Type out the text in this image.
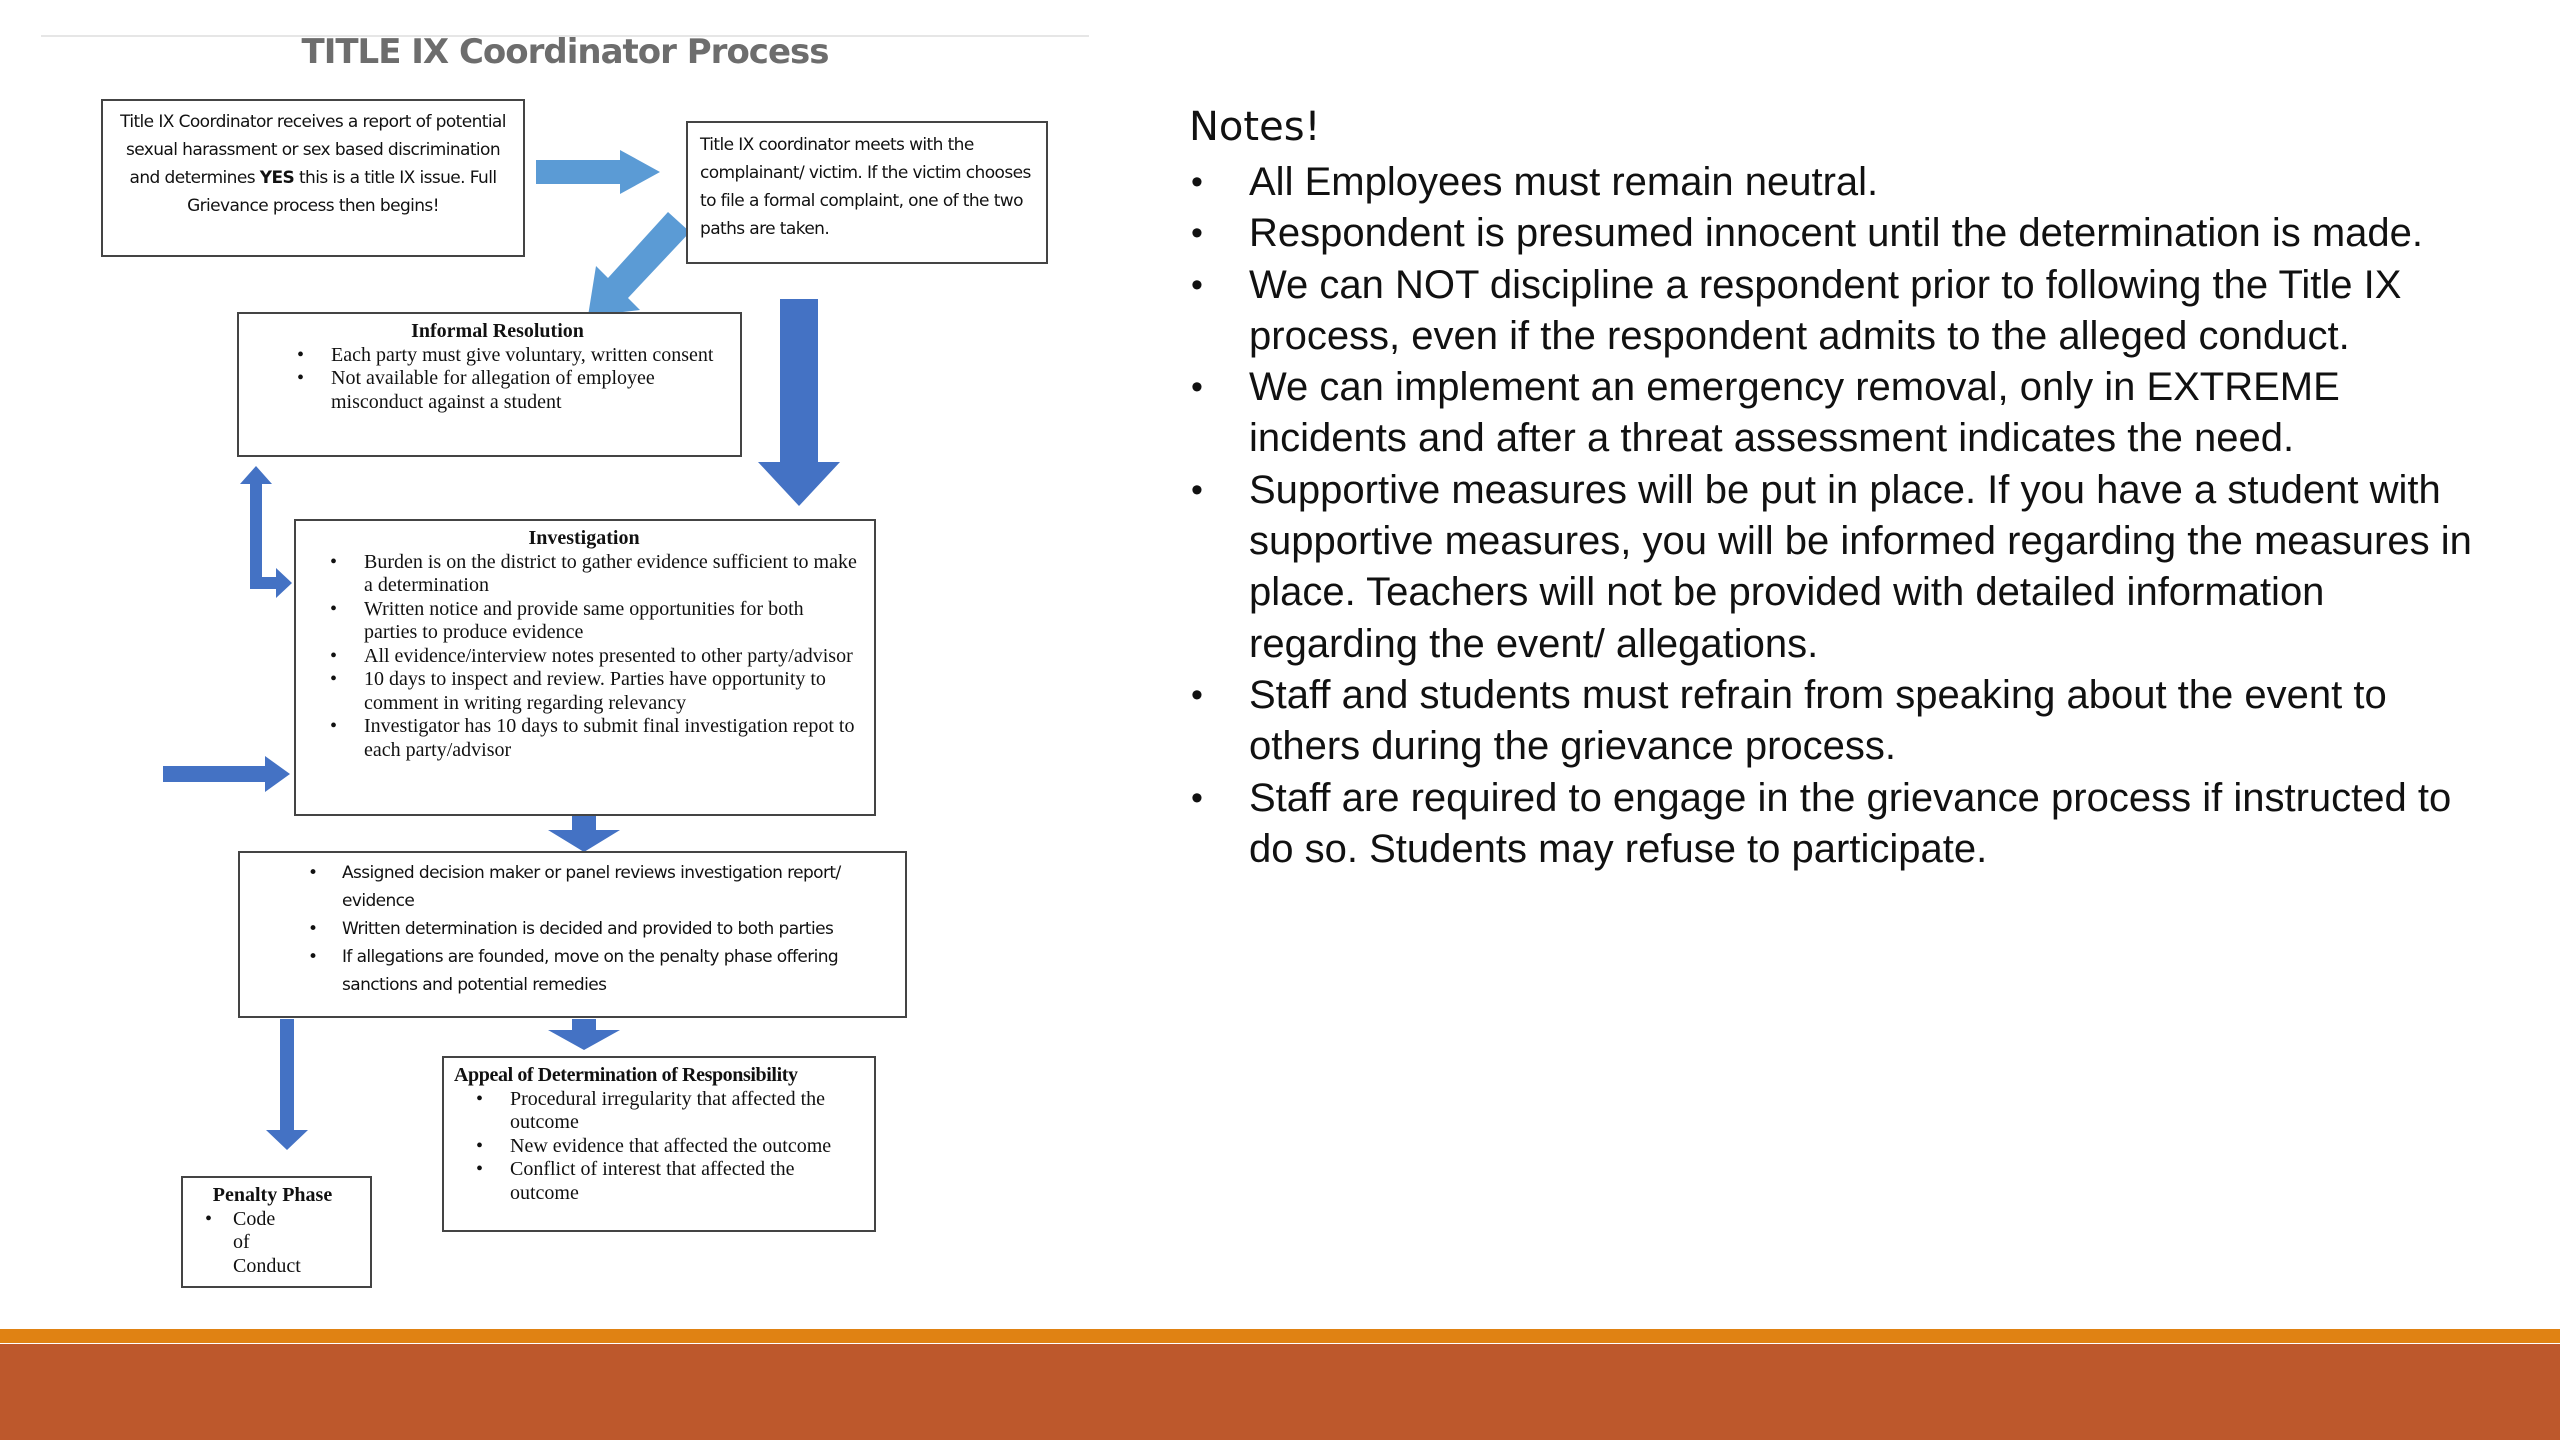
TITLE IX Coordinator Process
Title IX Coordinator receives a report of potential sexual harassment or sex based discrimination and determines YES this is a title IX issue. Full Grievance process then begins!
Title IX coordinator meets with the complainant/ victim. If the victim chooses to file a formal complaint, one of the two paths are taken.
Informal Resolution
• Each party must give voluntary, written consent
• Not available for allegation of employee misconduct against a student
Investigation
• Burden is on the district to gather evidence sufficient to make a determination
• Written notice and provide same opportunities for both parties to produce evidence
• All evidence/interview notes presented to other party/advisor
• 10 days to inspect and review. Parties have opportunity to comment in writing regarding relevancy
• Investigator has 10 days to submit final investigation repot to each party/advisor
• Assigned decision maker or panel reviews investigation report/ evidence
• Written determination is decided and provided to both parties
• If allegations are founded, move on the penalty phase offering sanctions and potential remedies
Appeal of Determination of Responsibility
• Procedural irregularity that affected the outcome
• New evidence that affected the outcome
• Conflict of interest that affected the outcome
Penalty Phase
• Code of Conduct
Notes!
• All Employees must remain neutral.
• Respondent is presumed innocent until the determination is made.
• We can NOT discipline a respondent prior to following the Title IX process, even if the respondent admits to the alleged conduct.
• We can implement an emergency removal, only in EXTREME incidents and after a threat assessment indicates the need.
• Supportive measures will be put in place. If you have a student with supportive measures, you will be informed regarding the measures in place. Teachers will not be provided with detailed information regarding the event/ allegations.
• Staff and students must refrain from speaking about the event to others during the grievance process.
• Staff are required to engage in the grievance process if instructed to do so. Students may refuse to participate.
